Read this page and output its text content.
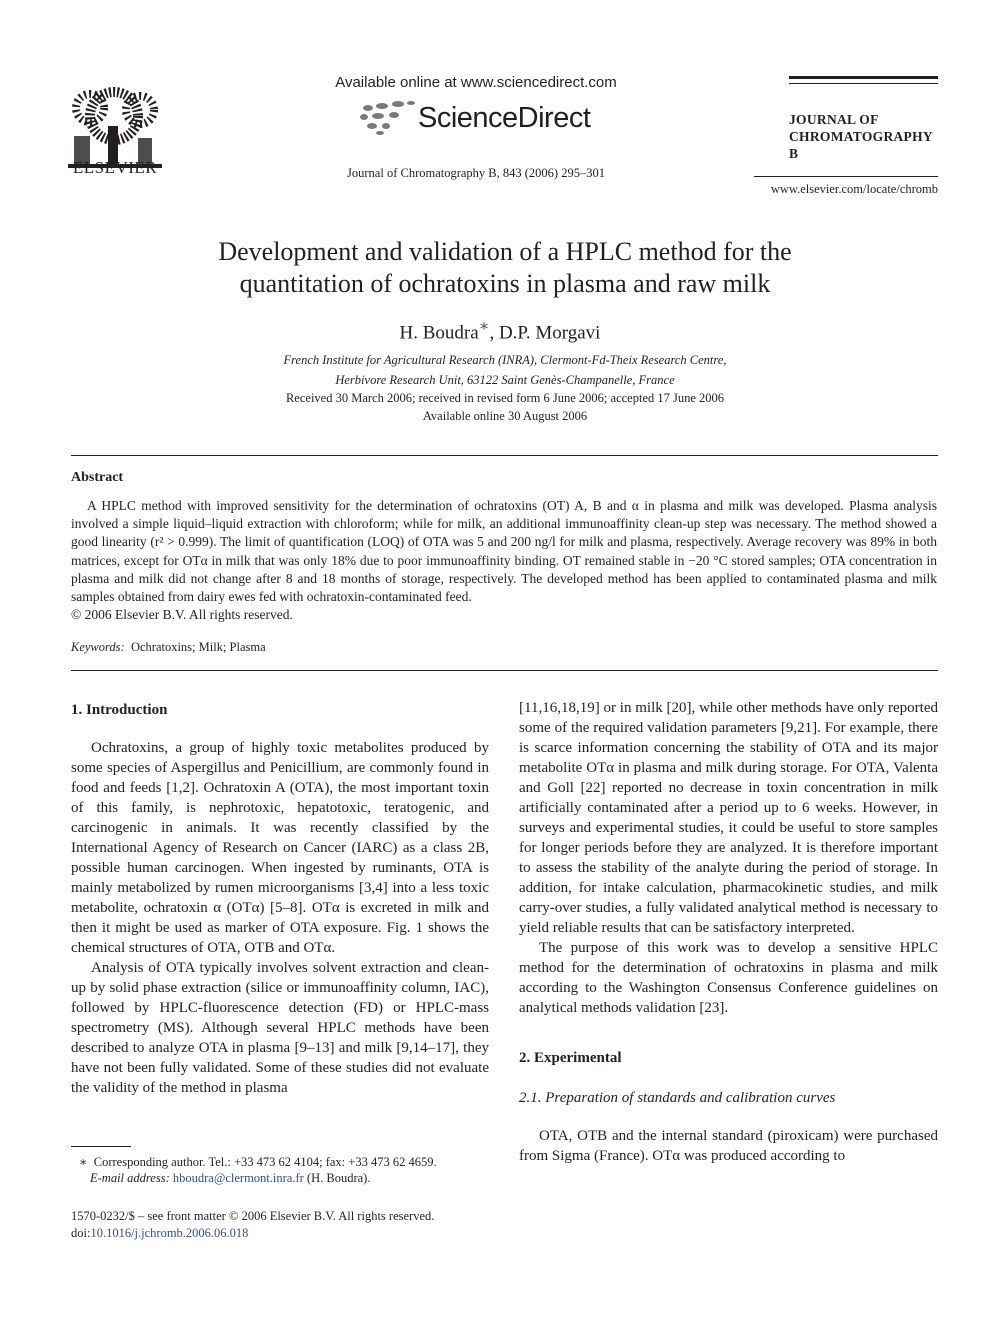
ELSEVIER
Available online at www.sciencedirect.com
ScienceDirect
Journal of Chromatography B, 843 (2006) 295–301
JOURNAL OF
CHROMATOGRAPHY B
www.elsevier.com/locate/chromb
Development and validation of a HPLC method for the
quantitation of ochratoxins in plasma and raw milk
H. Boudra∗, D.P. Morgavi
French Institute for Agricultural Research (INRA), Clermont-Fd-Theix Research Centre,
Herbivore Research Unit, 63122 Saint Genès-Champanelle, France
Received 30 March 2006; received in revised form 6 June 2006; accepted 17 June 2006
Available online 30 August 2006
Abstract

A HPLC method with improved sensitivity for the determination of ochratoxins (OT) A, B and α in plasma and milk was developed. Plasma analysis involved a simple liquid–liquid extraction with chloroform; while for milk, an additional immunoaffinity clean-up step was necessary. The method showed a good linearity (r² > 0.999). The limit of quantification (LOQ) of OTA was 5 and 200 ng/l for milk and plasma, respectively. Average recovery was 89% in both matrices, except for OTα in milk that was only 18% due to poor immunoaffinity binding. OT remained stable in −20 °C stored samples; OTA concentration in plasma and milk did not change after 8 and 18 months of storage, respectively. The developed method has been applied to contaminated plasma and milk samples obtained from dairy ewes fed with ochratoxin-contaminated feed.

© 2006 Elsevier B.V. All rights reserved.
Keywords: Ochratoxins; Milk; Plasma

1. Introduction

Ochratoxins, a group of highly toxic metabolites produced by some species of Aspergillus and Penicillium, are commonly found in food and feeds [1,2]. Ochratoxin A (OTA), the most important toxin of this family, is nephrotoxic, hepatotoxic, teratogenic, and carcinogenic in animals. It was recently classified by the International Agency of Research on Cancer (IARC) as a class 2B, possible human carcinogen. When ingested by ruminants, OTA is mainly metabolized by rumen microorganisms [3,4] into a less toxic metabolite, ochratoxin α (OTα) [5–8]. OTα is excreted in milk and then it might be used as marker of OTA exposure. Fig. 1 shows the chemical structures of OTA, OTB and OTα.

Analysis of OTA typically involves solvent extraction and clean-up by solid phase extraction (silice or immunoaffinity column, IAC), followed by HPLC-fluorescence detection (FD) or HPLC-mass spectrometry (MS). Although several HPLC methods have been described to analyze OTA in plasma [9–13] and milk [9,14–17], they have not been fully validated. Some of these studies did not evaluate the validity of the method in plasma

[11,16,18,19] or in milk [20], while other methods have only reported some of the required validation parameters [9,21]. For example, there is scarce information concerning the stability of OTA and its major metabolite OTα in plasma and milk during storage. For OTA, Valenta and Goll [22] reported no decrease in toxin concentration in milk artificially contaminated after a period up to 6 weeks. However, in surveys and experimental studies, it could be useful to store samples for longer periods before they are analyzed. It is therefore important to assess the stability of the analyte during the period of storage. In addition, for intake calculation, pharmacokinetic studies, and milk carry-over studies, a fully validated analytical method is necessary to yield reliable results that can be satisfactory interpreted.

The purpose of this work was to develop a sensitive HPLC method for the determination of ochratoxins in plasma and milk according to the Washington Consensus Conference guidelines on analytical methods validation [23].

2. Experimental

2.1. Preparation of standards and calibration curves

OTA, OTB and the internal standard (piroxicam) were purchased from Sigma (France). OTα was produced according to

∗ Corresponding author. Tel.: +33 473 62 4104; fax: +33 473 62 4659.
E-mail address: hboudra@clermont.inra.fr (H. Boudra).
1570-0232/$ – see front matter © 2006 Elsevier B.V. All rights reserved.
doi:10.1016/j.jchromb.2006.06.018
